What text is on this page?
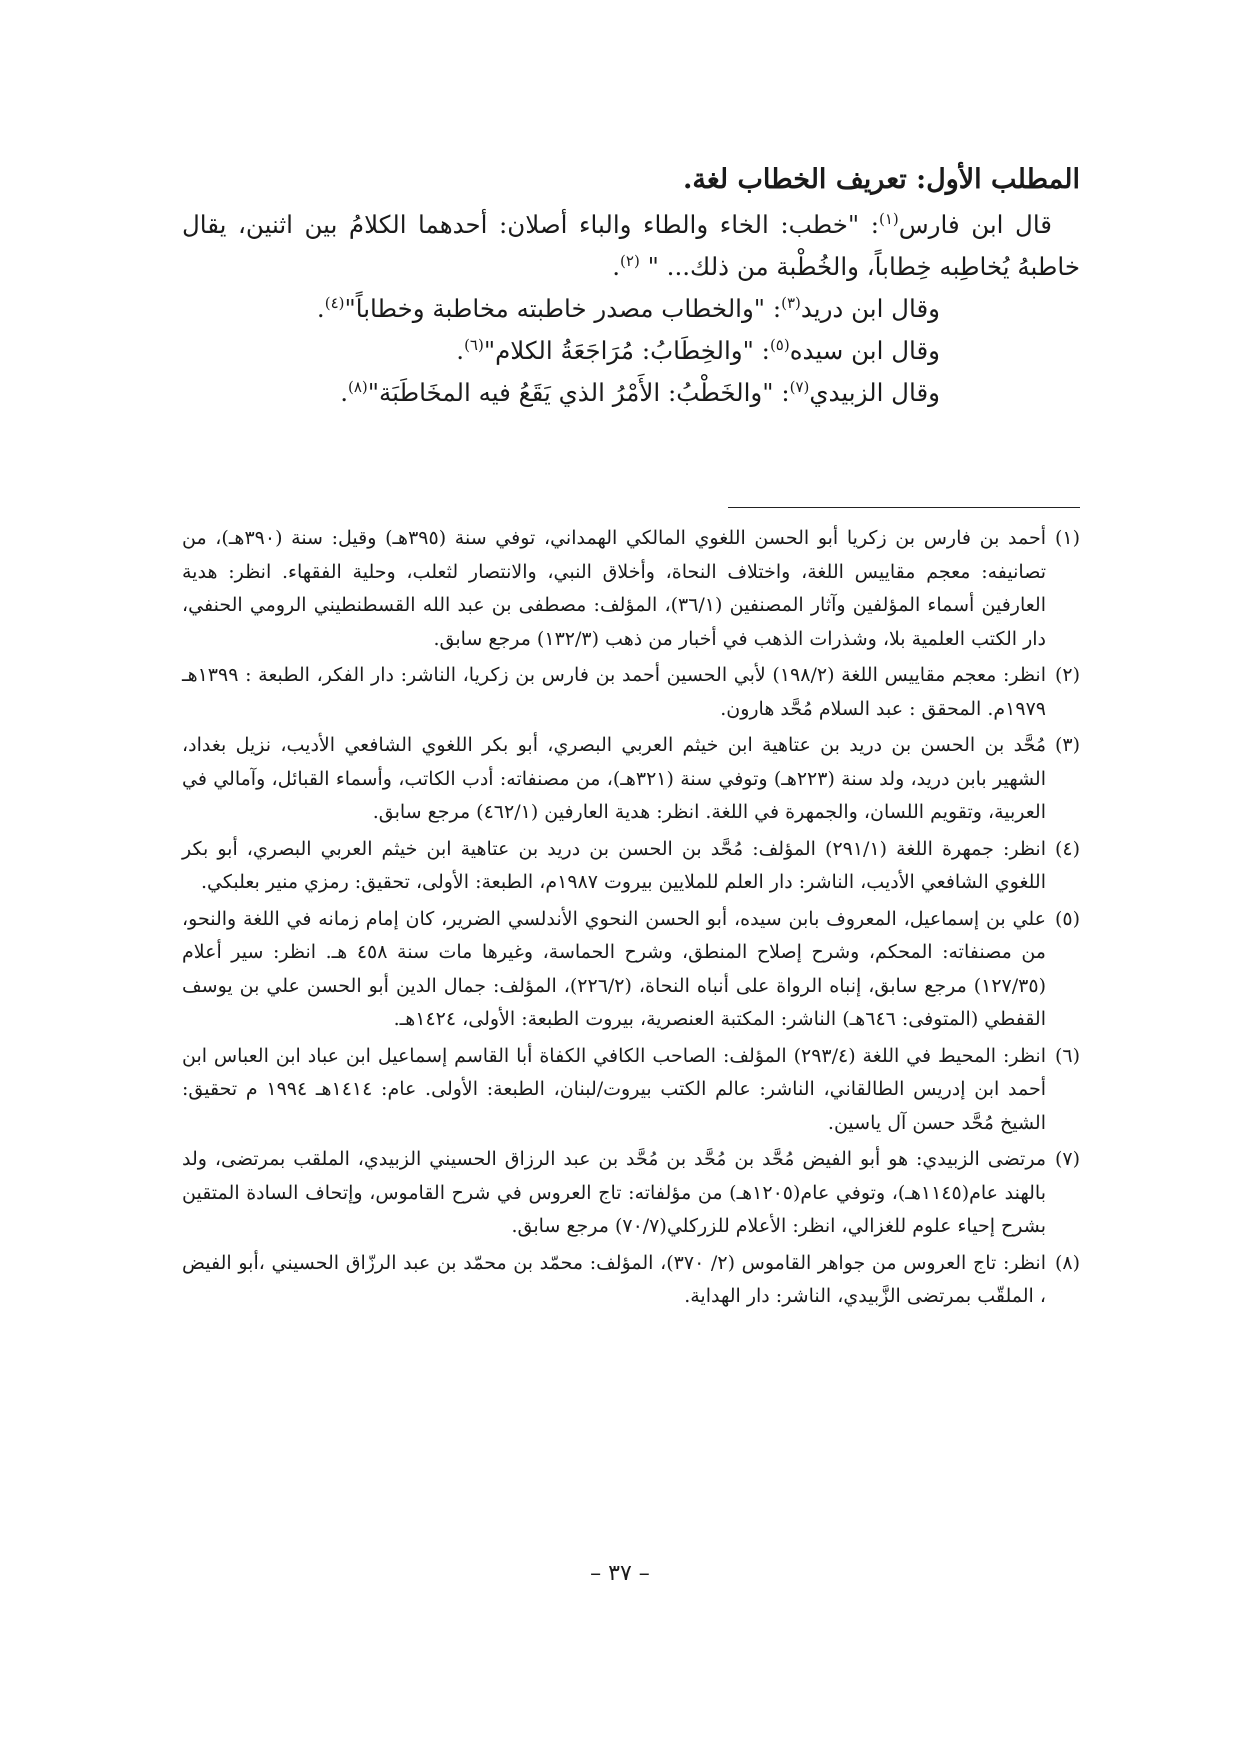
المطلب الأول: تعريف الخطاب لغة.

قال ابن فارس$^{(١)}$: "خطب: الخاء والطاء والباء أصلان: أحدهما الكلامُ بين اثنين، يقال خاطبهُ يُخاطِبه خِطاباً، والخُطْبة من ذلك... " $^{(٢)}$.

وقال ابن دريد$^{(٣)}$: "والخطاب مصدر خاطبته مخاطبة وخطاباً"$^{(٤)}$.

وقال ابن سيده$^{(٥)}$: "والخِطَابُ: مُرَاجَعَةُ الكلام"$^{(٦)}$.

وقال الزبيدي$^{(٧)}$: "والخَطْبُ: الأَمْرُ الذي يَقَعُ فيه المخَاطَبَة"$^{(٨)}$.

(١)
أحمد بن فارس بن زكريا أبو الحسن اللغوي المالكي الهمداني، توفي سنة (٣٩٥هـ) وقيل: سنة (٣٩٠هـ)، من تصانيفه: معجم مقاييس اللغة، واختلاف النحاة، وأخلاق النبي، والانتصار لثعلب، وحلية الفقهاء. انظر: هدية العارفين أسماء المؤلفين وآثار المصنفين (٣٦/١)، المؤلف: مصطفى بن عبد الله القسطنطيني الرومي الحنفي، دار الكتب العلمية بلا، وشذرات الذهب في أخبار من ذهب (١٣٢/٣) مرجع سابق.

(٢)
انظر: معجم مقاييس اللغة (١٩٨/٢) لأبي الحسين أحمد بن فارس بن زكريا، الناشر: دار الفكر، الطبعة : ١٣٩٩هـ ١٩٧٩م. المحقق : عبد السلام مُحَّد هارون.

(٣)
مُحَّد بن الحسن بن دريد بن عتاهية ابن خيثم العربي البصري، أبو بكر اللغوي الشافعي الأديب، نزيل بغداد، الشهير بابن دريد، ولد سنة (٢٢٣هـ) وتوفي سنة (٣٢١هـ)، من مصنفاته: أدب الكاتب، وأسماء القبائل، وآمالي في العربية، وتقويم اللسان، والجمهرة في اللغة. انظر: هدية العارفين (٤٦٢/١) مرجع سابق.

(٤)
انظر: جمهرة اللغة (٢٩١/١) المؤلف: مُحَّد بن الحسن بن دريد بن عتاهية ابن خيثم العربي البصري، أبو بكر اللغوي الشافعي الأديب، الناشر: دار العلم للملايين بيروت ١٩٨٧م، الطبعة: الأولى، تحقيق: رمزي منير بعلبكي.

(٥)
علي بن إسماعيل، المعروف بابن سيده، أبو الحسن النحوي الأندلسي الضرير، كان إمام زمانه في اللغة والنحو، من مصنفاته: المحكم، وشرح إصلاح المنطق، وشرح الحماسة، وغيرها مات سنة ٤٥٨ هـ. انظر: سير أعلام (١٢٧/٣٥) مرجع سابق، إنباه الرواة على أنباه النحاة، (٢٢٦/٢)، المؤلف: جمال الدين أبو الحسن علي بن يوسف القفطي (المتوفى: ٦٤٦هـ) الناشر: المكتبة العنصرية، بيروت الطبعة: الأولى، ١٤٢٤هـ.

(٦)
انظر: المحيط في اللغة (٢٩٣/٤) المؤلف: الصاحب الكافي الكفاة أبا القاسم إسماعيل ابن عباد ابن العباس ابن أحمد ابن إدريس الطالقاني، الناشر: عالم الكتب بيروت/لبنان، الطبعة: الأولى. عام: ١٤١٤هـ ١٩٩٤ م تحقيق: الشيخ مُحَّد حسن آل ياسين.

(٧)
مرتضى الزبيدي: هو أبو الفيض مُحَّد بن مُحَّد بن مُحَّد بن عبد الرزاق الحسيني الزبيدي، الملقب بمرتضى، ولد بالهند عام(١١٤٥هـ)، وتوفي عام(١٢٠٥هـ) من مؤلفاته: تاج العروس في شرح القاموس، وإتحاف السادة المتقين بشرح إحياء علوم للغزالي، انظر: الأعلام للزركلي(٧٠/٧) مرجع سابق.

(٨)
انظر: تاج العروس من جواهر القاموس (٢/ ٣٧٠)، المؤلف: محمّد بن محمّد بن عبد الرزّاق الحسيني ،أبو الفيض ، الملقّب بمرتضى الزَّبيدي، الناشر: دار الهداية.

– ٣٧ –
